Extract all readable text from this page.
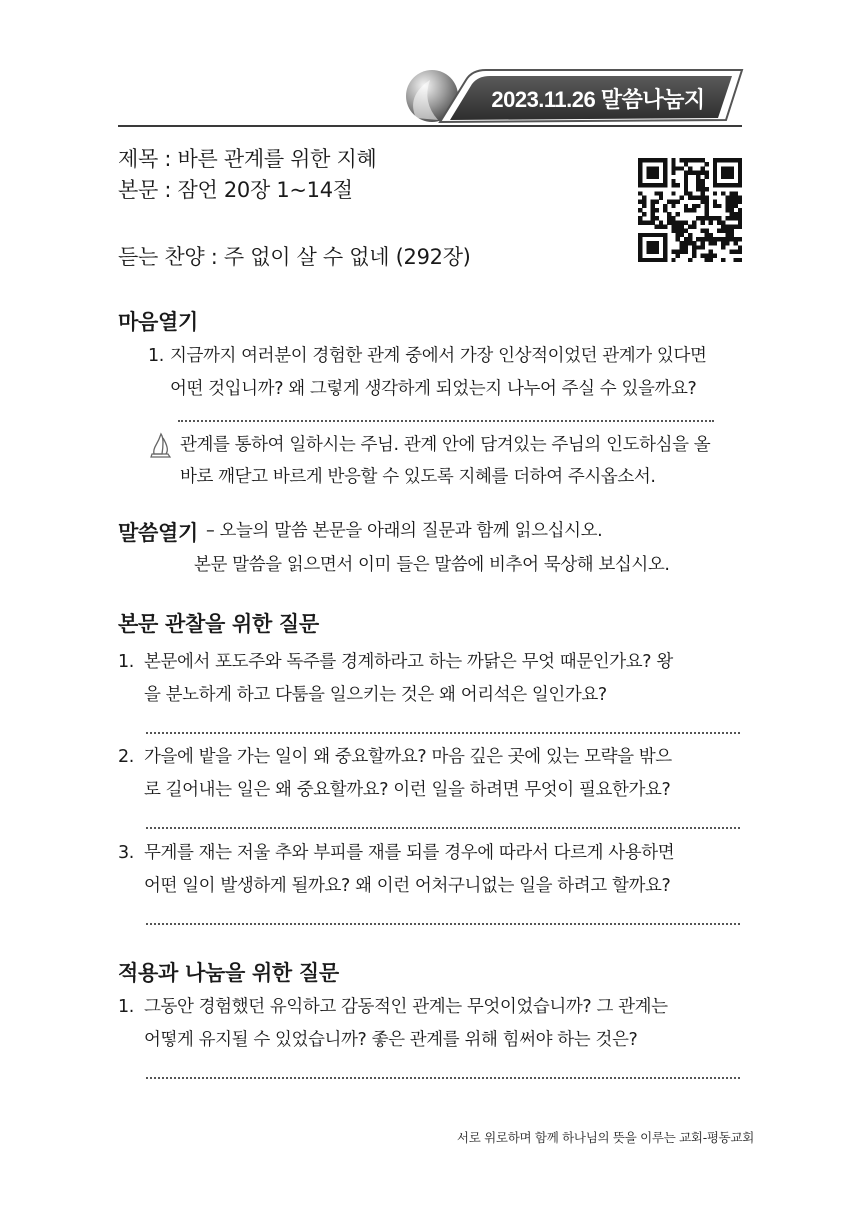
2023.11.26 말씀나눔지
제목 : 바른 관계를 위한 지혜
본문 : 잠언 20장 1~14절
듣는 찬양 : 주 없이 살 수 없네 (292장)
마음열기
1. 지금까지 여러분이 경험한 관계 중에서 가장 인상적이었던 관계가 있다면
어떤 것입니까? 왜 그렇게 생각하게 되었는지 나누어 주실 수 있을까요?
관계를 통하여 일하시는 주님. 관계 안에 담겨있는 주님의 인도하심을 올
바로 깨닫고 바르게 반응할 수 있도록 지혜를 더하여 주시옵소서.
말씀열기 – 오늘의 말씀 본문을 아래의 질문과 함께 읽으십시오.
본문 말씀을 읽으면서 이미 들은 말씀에 비추어 묵상해 보십시오.
본문 관찰을 위한 질문
1. 본문에서 포도주와 독주를 경계하라고 하는 까닭은 무엇 때문인가요? 왕
을 분노하게 하고 다툼을 일으키는 것은 왜 어리석은 일인가요?
2. 가을에 밭을 가는 일이 왜 중요할까요? 마음 깊은 곳에 있는 모략을 밖으
로 길어내는 일은 왜 중요할까요? 이런 일을 하려면 무엇이 필요한가요?
3. 무게를 재는 저울 추와 부피를 재를 되를 경우에 따라서 다르게 사용하면
어떤 일이 발생하게 될까요? 왜 이런 어처구니없는 일을 하려고 할까요?
적용과 나눔을 위한 질문
1. 그동안 경험했던 유익하고 감동적인 관계는 무엇이었습니까? 그 관계는
어떻게 유지될 수 있었습니까? 좋은 관계를 위해 힘써야 하는 것은?
서로 위로하며 함께 하나님의 뜻을 이루는 교회-평동교회
